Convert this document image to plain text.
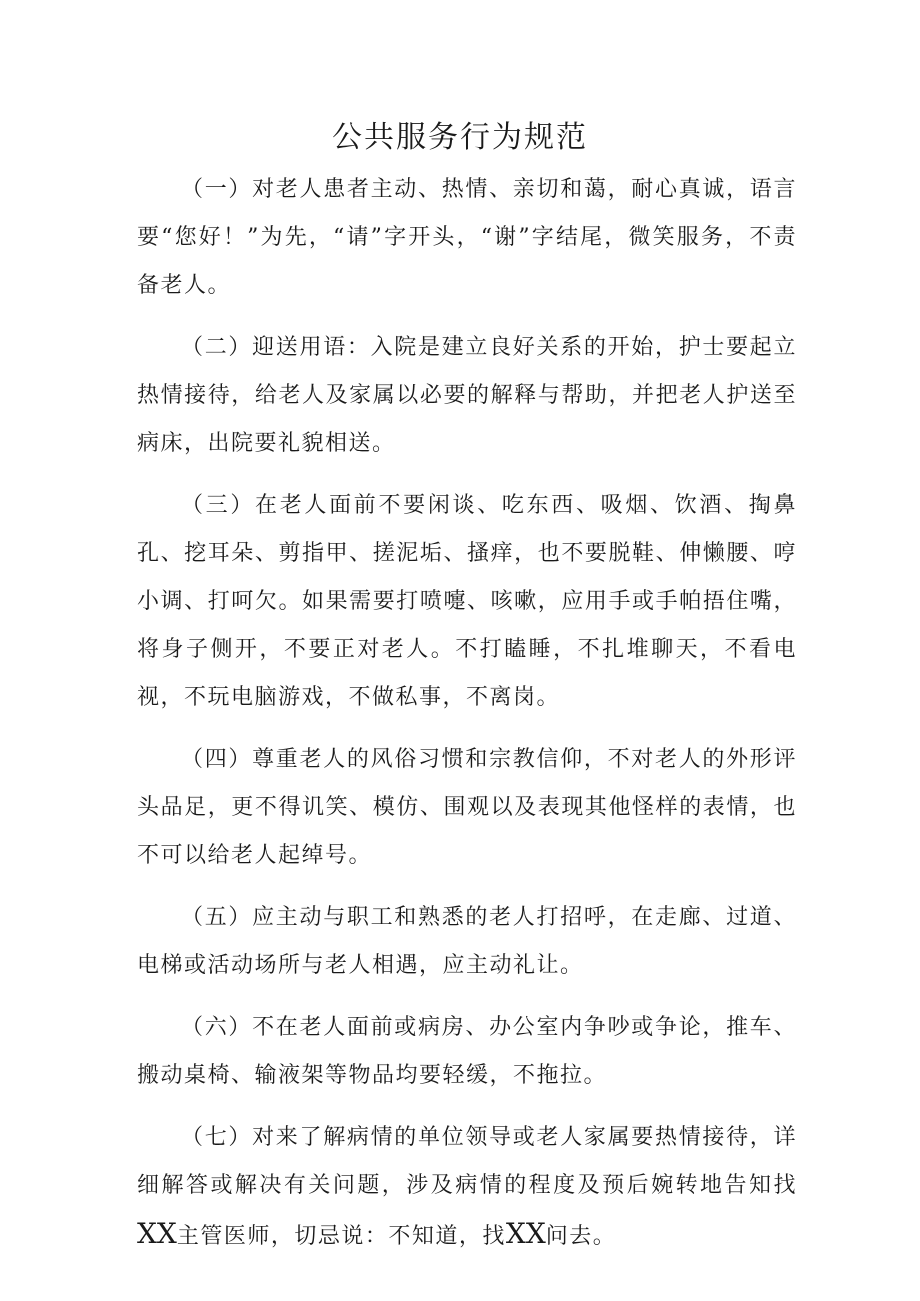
公共服务行为规范

（一）对老人患者主动、热情、亲切和蔼，耐心真诚，语言要“您好！”为先，“请”字开头，“谢”字结尾，微笑服务，不责备老人。

（二）迎送用语：入院是建立良好关系的开始，护士要起立热情接待，给老人及家属以必要的解释与帮助，并把老人护送至病床，出院要礼貌相送。

（三）在老人面前不要闲谈、吃东西、吸烟、饮酒、掏鼻孔、挖耳朵、剪指甲、搓泥垢、搔痒，也不要脱鞋、伸懒腰、哼小调、打呵欠。如果需要打喷嚏、咳嗽，应用手或手帕捂住嘴，将身子侧开，不要正对老人。不打瞌睡，不扎堆聊天，不看电视，不玩电脑游戏，不做私事，不离岗。

（四）尊重老人的风俗习惯和宗教信仰，不对老人的外形评头品足，更不得讥笑、模仿、围观以及表现其他怪样的表情，也不可以给老人起绰号。

（五）应主动与职工和熟悉的老人打招呼，在走廊、过道、电梯或活动场所与老人相遇，应主动礼让。

（六）不在老人面前或病房、办公室内争吵或争论，推车、搬动桌椅、输液架等物品均要轻缓，不拖拉。

（七）对来了解病情的单位领导或老人家属要热情接待，详细解答或解决有关问题，涉及病情的程度及预后婉转地告知找XX主管医师，切忌说：不知道，找XX问去。
